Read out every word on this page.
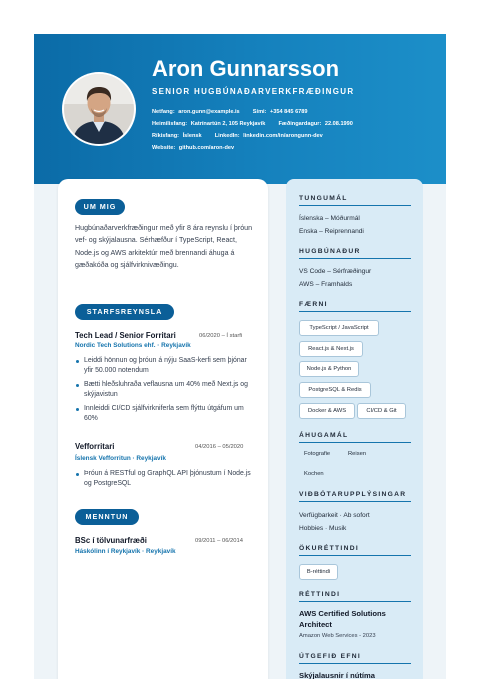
Aron Gunnarsson
SENIOR HUGBÚNAÐARVERKFRÆÐINGUR
Netfang: aron.gunn@example.is Sími: +354 845 6789
Heimilisfang: Katrínartún 2, 105 Reykjavík Fæðingardagur: 22.08.1990
Ríkisfang: Íslensk LinkedIn: linkedin.com/in/arongunn-dev
Website: github.com/aron-dev
UM MIG

Hugbúnaðarverkfræðingur með yfir 8 ára reynslu í þróun vef- og skýjalausna. Sérhæfður í TypeScript, React, Node.js og AWS arkitektúr með brennandi áhuga á gæðakóða og sjálfvirknivæðingu.

STARFSREYNSLA
Tech Lead / Senior Forritari	06/2020 – Í starfi
Nordic Tech Solutions ehf. · Reykjavík
Leiddi hönnun og þróun á nýju SaaS-kerfi sem þjónar yfir 50.000 notendum
Bætti hleðsluhraða veflausna um 40% með Next.js og skýjavistun
Innleiddi CI/CD sjálfvirkniferla sem flýttu útgáfum um 60%
Vefforritari	04/2016 – 05/2020
Íslensk Vefforritun · Reykjavík
Þróun á RESTful og GraphQL API þjónustum í Node.js og PostgreSQL
MENNTUN
BSc í tölvunarfræði	09/2011 – 06/2014
Háskólinn í Reykjavík · Reykjavík
TUNGUMÁL
Íslenska – Móðurmál
Enska – Reiprennandi
HUGBÚNAÐUR
VS Code – Sérfræðingur
AWS – Framhalds
FÆRNI
TypeScript / JavaScript
React.js & Next.js
Node.js & Python
PostgreSQL & Redis
Docker & AWS	CI/CD & Git
ÁHUGAMÁL
Fotografie	Reisen
Kochen
VIÐBÓTARUPPLÝSINGAR
Verfügbarkeit · Ab sofort
Hobbies · Musik
ÖKURÉTTINDI
B-réttindi
RÉTTINDI
AWS Certified Solutions Architect
Amazon Web Services - 2023
ÚTGEFIÐ EFNI
Skýjalausnir í nútíma
